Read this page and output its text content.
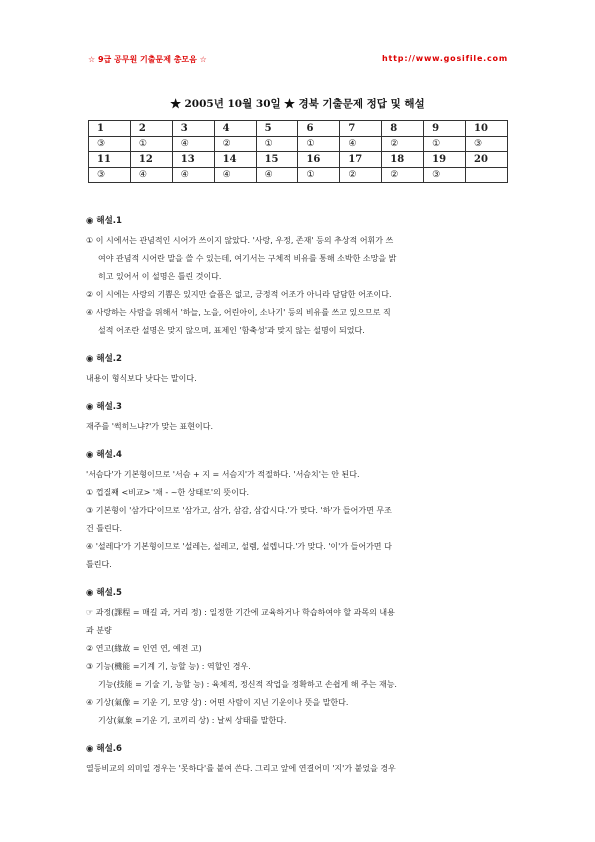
☆ 9급 공무원 기출문제 총모음 ☆	http://www.gosifile.com
★ 2005년 10월 30일 ★ 경북 기출문제 정답 및 해설
1	2	3	4	5	6	7	8	9	10
③	①	④	②	①	①	④	②	①	③
11	12	13	14	15	16	17	18	19	20
③	④	④	④	④	①	②	②	③	
◉ 해설.1
① 이 시에서는 관념적인 시어가 쓰이지 않았다. '사랑, 우정, 존재' 등의 추상적 어휘가 쓰
여야 관념적 시어란 말을 쓸 수 있는데, 여기서는 구체적 비유를 통해 소박한 소망을 밝
히고 있어서 이 설명은 틀린 것이다.
② 이 시에는 사랑의 기쁨은 있지만 슬픔은 없고, 긍정적 어조가 아니라 담담한 어조이다.
④ 사랑하는 사람을 위해서 '하늘, 노을, 어린아이, 소나기' 등의 비유를 쓰고 있으므로 직
설적 어조란 설명은 맞지 않으며, 표제인 '함축성'과 맞지 않는 설명이 되었다.
◉ 해설.2
내용이 형식보다 낫다는 말이다.
◉ 해설.3
재주를 '썩히느냐?'가 맞는 표현이다.
◉ 해설.4
'서슴다'가 기본형이므로 '서슴 + 지 = 서슴지'가 적절하다. '서슴치'는 안 된다.
① 껍질째 <비교> '채 - ~한 상태로'의 뜻이다.
③ 기본형이 '삼가다'이므로 '삼가고, 삼가, 삼감, 삼갑시다.'가 맞다. '하'가 들어가면 무조
건 틀린다.
④ '설레다'가 기본형이므로 '설레는, 설레고, 설렘, 설렙니다.'가 맞다. '이'가 들어가면 다
틀린다.
◉ 해설.5
☞ 과정(課程 = 매길 과, 거리 정) : 일정한 기간에 교육하거나 학습하여야 할 과목의 내용
과 분량
② 연고(緣故 = 인연 연, 예전 고)
③ 기능(機能 =기계 기, 능할 능) : 역할인 경우.
기능(技能 = 기술 기, 능할 능) : 육체적, 정신적 작업을 정확하고 손쉽게 해 주는 재능.
④ 기상(氣像 = 기운 기, 모양 상) : 어떤 사람이 지닌 기운이나 뜻을 말한다.
기상(氣象 =기운 기, 코끼리 상) : 날씨 상태를 말한다.
◉ 해설.6
열등비교의 의미일 경우는 '못하다'를 붙여 쓴다. 그리고 앞에 연결어미 '지'가 붙었을 경우
